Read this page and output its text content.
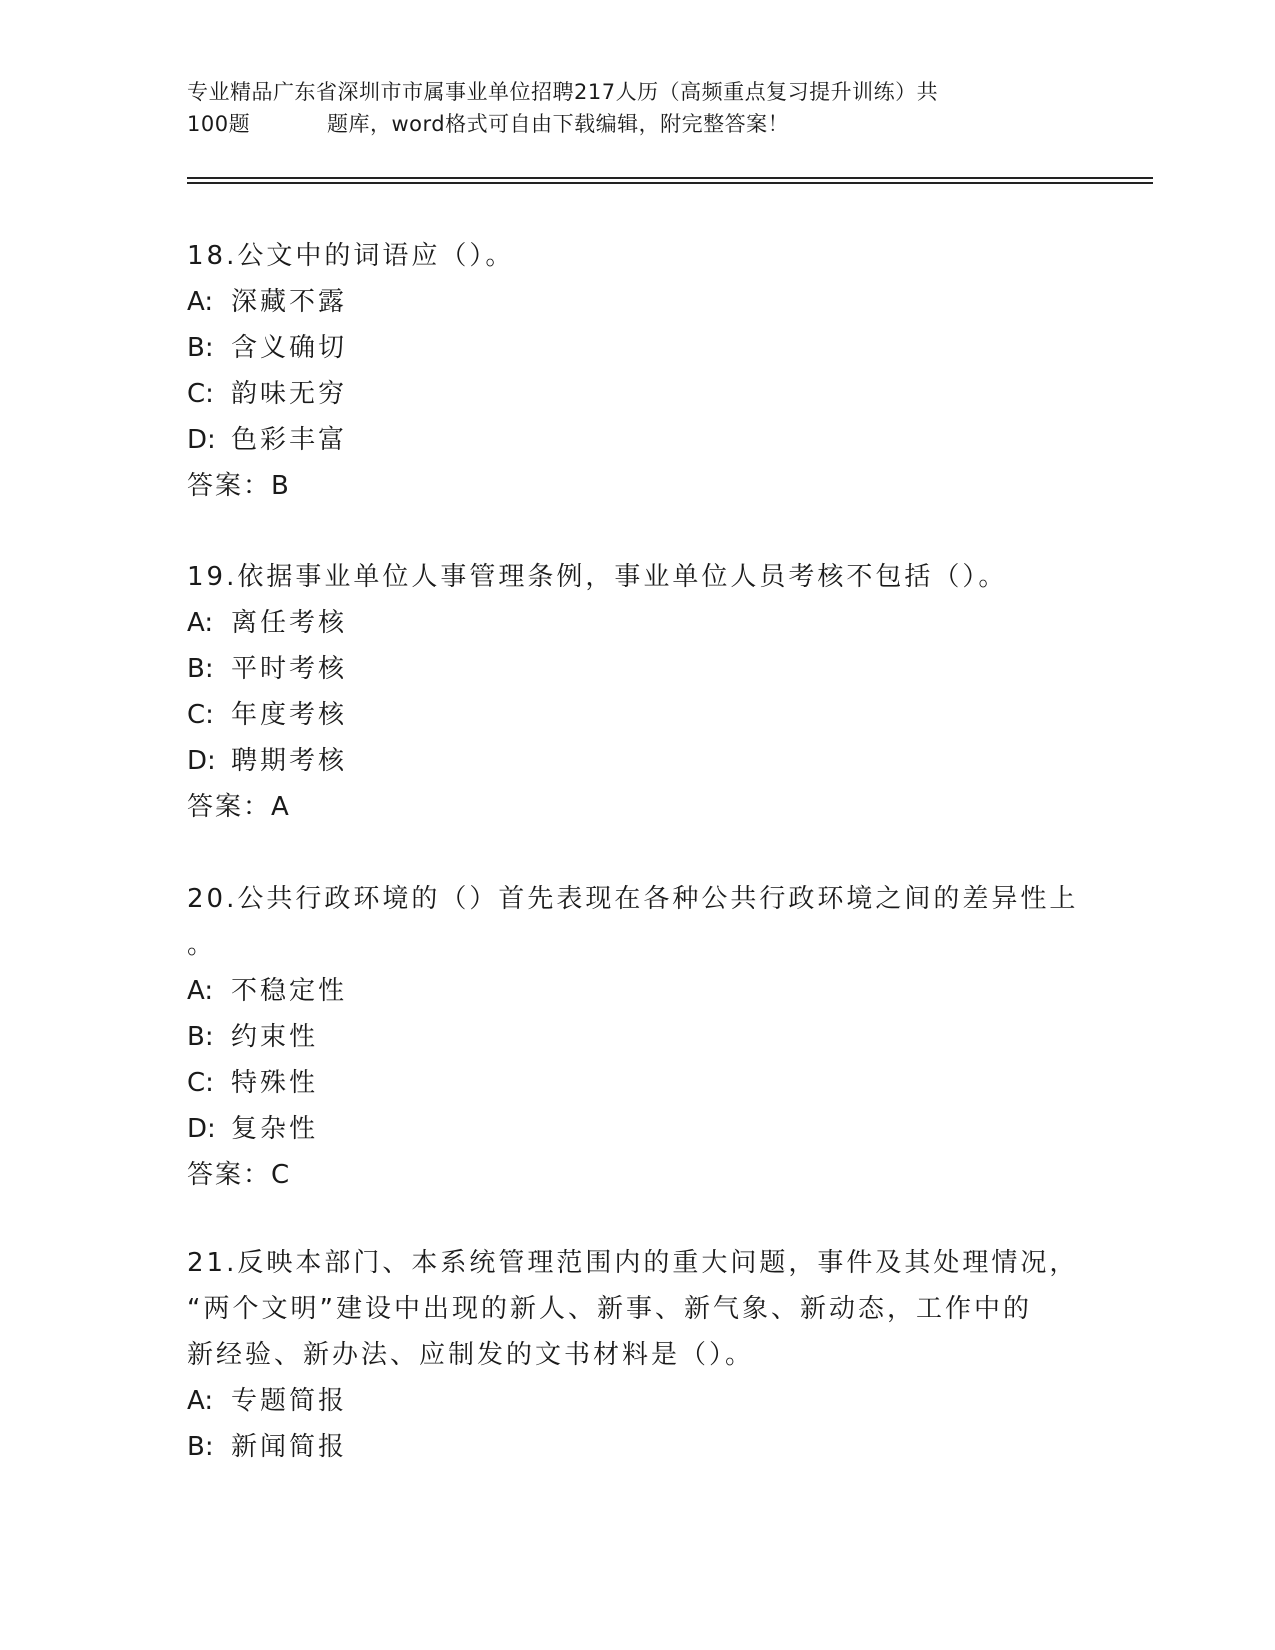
专业精品广东省深圳市市属事业单位招聘217人历（高频重点复习提升训练）共
100题	题库，word格式可自由下载编辑，附完整答案！

18.公文中的词语应（）。

A: 深藏不露

B: 含义确切

C: 韵味无穷

D: 色彩丰富

答案：B

19.依据事业单位人事管理条例，事业单位人员考核不包括（）。

A: 离任考核

B: 平时考核

C: 年度考核

D: 聘期考核

答案：A

20.公共行政环境的（）首先表现在各种公共行政环境之间的差异性上

。

A: 不稳定性

B: 约束性

C: 特殊性

D: 复杂性

答案：C

21.反映本部门、本系统管理范围内的重大问题，事件及其处理情况，

“两个文明”建设中出现的新人、新事、新气象、新动态，工作中的

新经验、新办法、应制发的文书材料是（）。

A: 专题简报

B: 新闻简报
